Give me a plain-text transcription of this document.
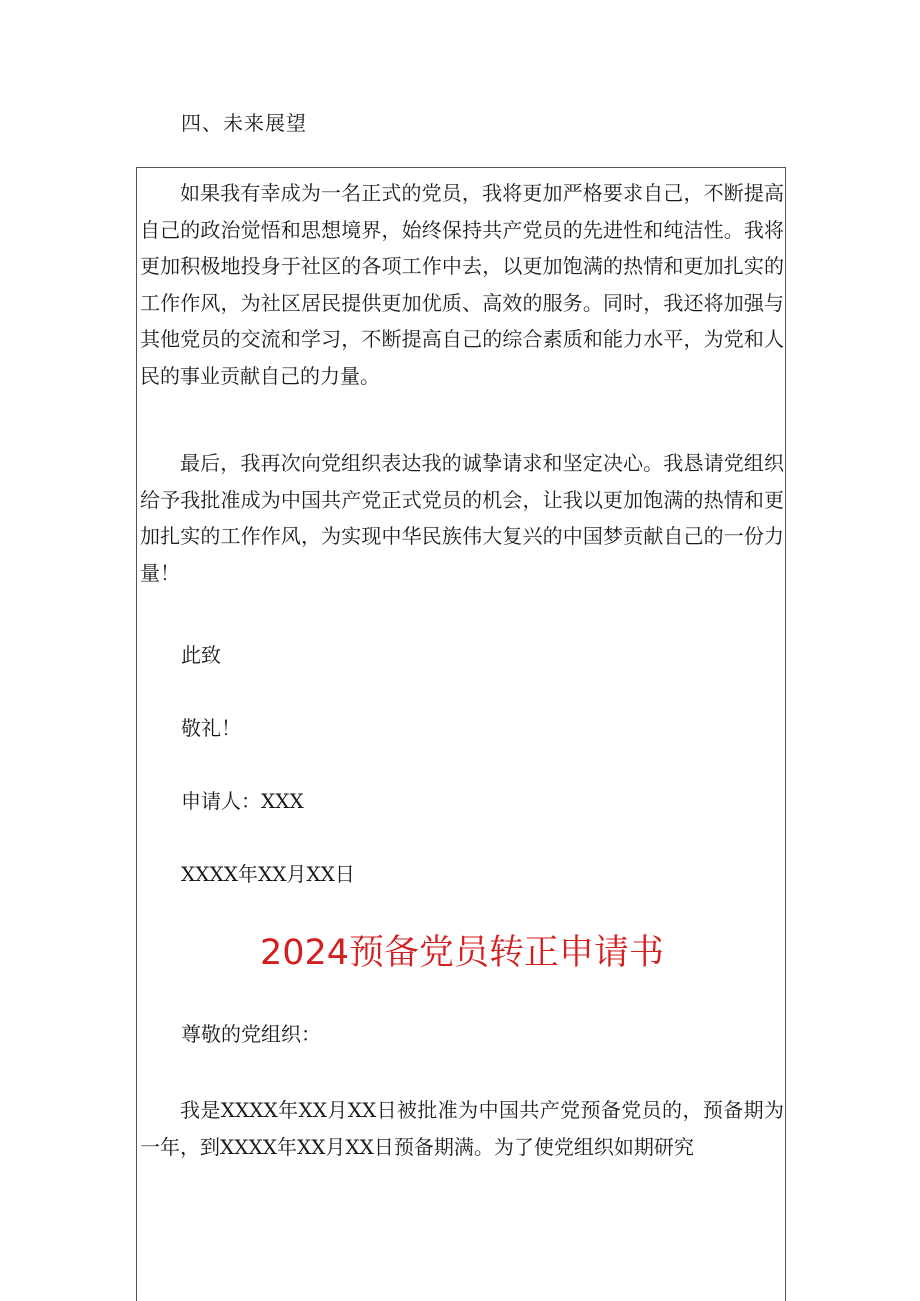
四、未来展望

如果我有幸成为一名正式的党员，我将更加严格要求自己，不断提高自己的政治觉悟和思想境界，始终保持共产党员的先进性和纯洁性。我将更加积极地投身于社区的各项工作中去，以更加饱满的热情和更加扎实的工作作风，为社区居民提供更加优质、高效的服务。同时，我还将加强与其他党员的交流和学习，不断提高自己的综合素质和能力水平，为党和人民的事业贡献自己的力量。

最后，我再次向党组织表达我的诚挚请求和坚定决心。我恳请党组织给予我批准成为中国共产党正式党员的机会，让我以更加饱满的热情和更加扎实的工作作风，为实现中华民族伟大复兴的中国梦贡献自己的一份力量！

此致

敬礼！

申请人：XXX

XXXX年XX月XX日

2024预备党员转正申请书

尊敬的党组织：

我是XXXX年XX月XX日被批准为中国共产党预备党员的，预备期为一年，到XXXX年XX月XX日预备期满。为了使党组织如期研究
